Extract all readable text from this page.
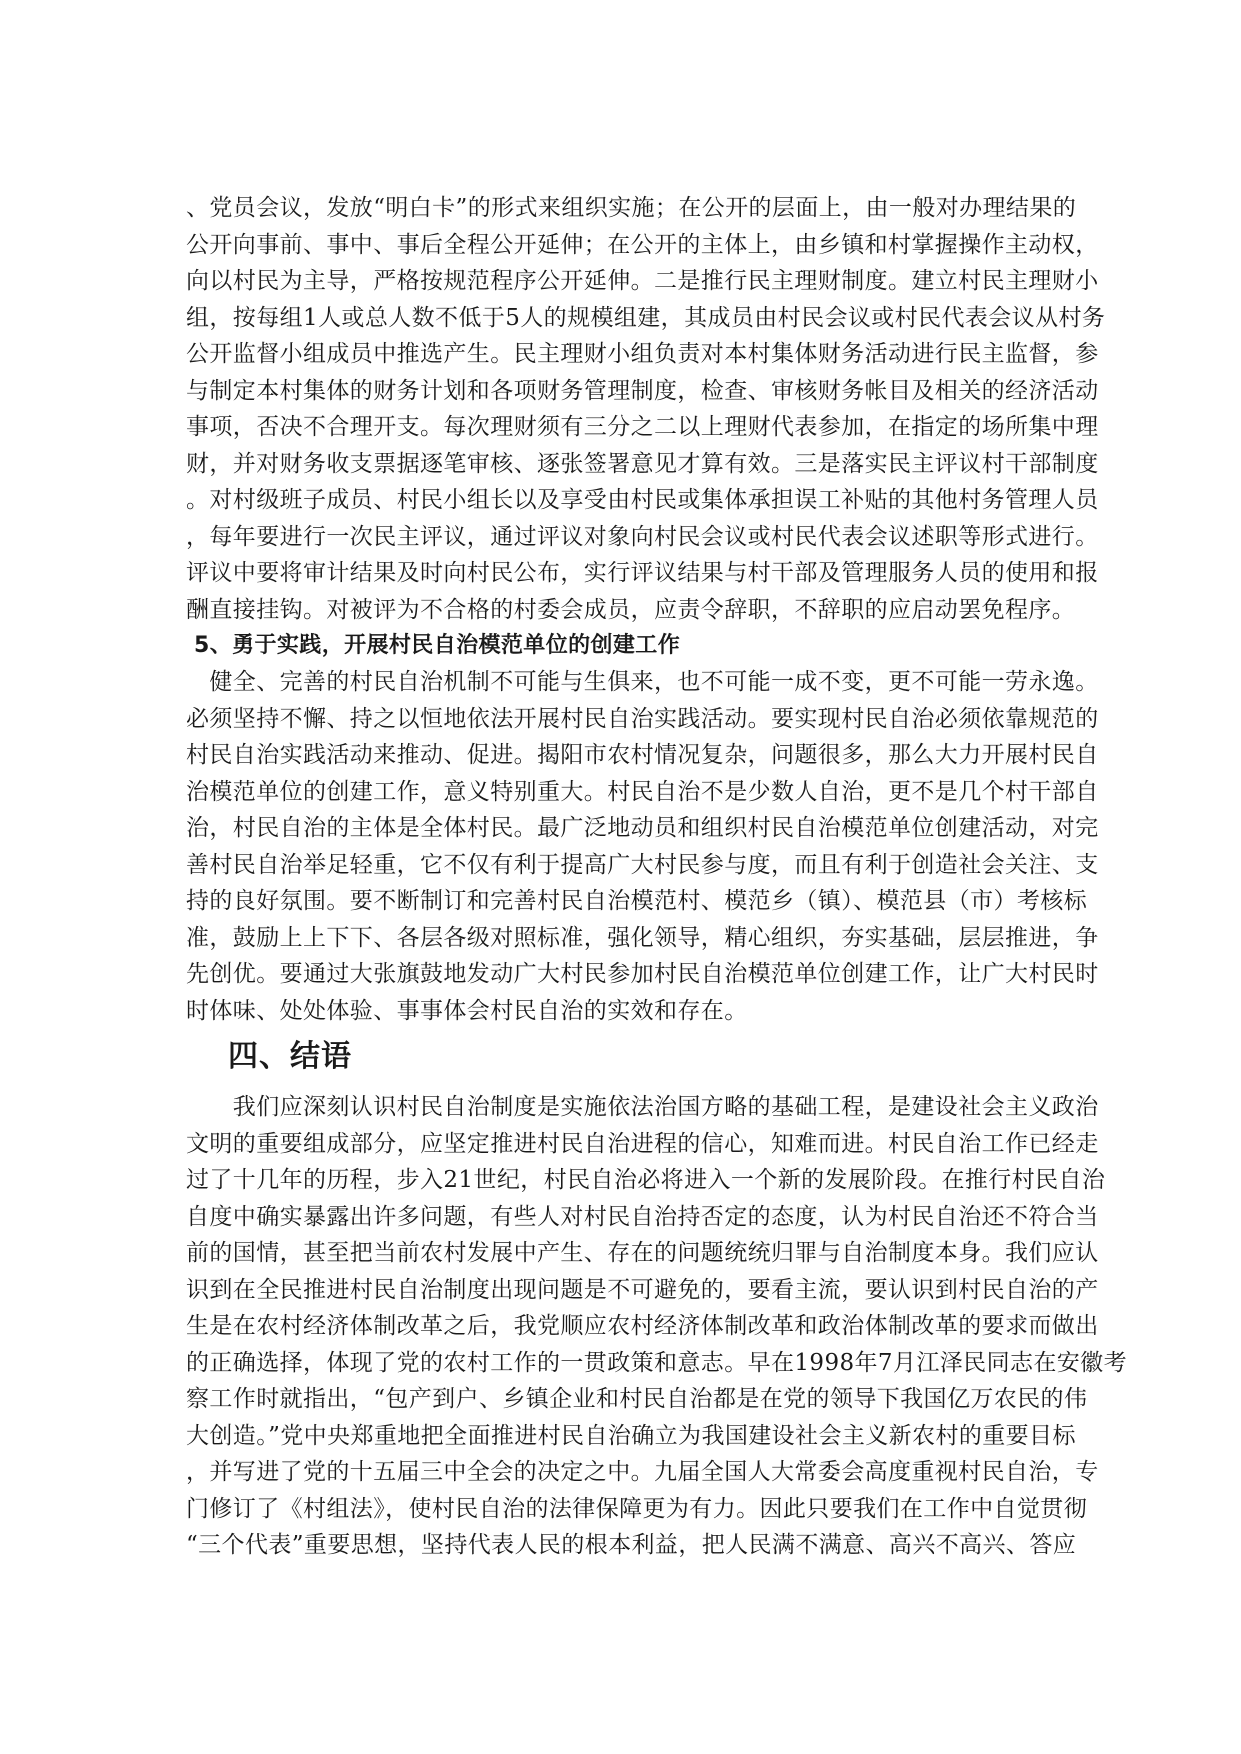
、党员会议，发放“明白卡”的形式来组织实施；在公开的层面上，由一般对办理结果的
公开向事前、事中、事后全程公开延伸；在公开的主体上，由乡镇和村掌握操作主动权，
向以村民为主导，严格按规范程序公开延伸。二是推行民主理财制度。建立村民主理财小
组，按每组1人或总人数不低于5人的规模组建，其成员由村民会议或村民代表会议从村务
公开监督小组成员中推选产生。民主理财小组负责对本村集体财务活动进行民主监督，参
与制定本村集体的财务计划和各项财务管理制度，检查、审核财务帐目及相关的经济活动
事项，否决不合理开支。每次理财须有三分之二以上理财代表参加，在指定的场所集中理
财，并对财务收支票据逐笔审核、逐张签署意见才算有效。三是落实民主评议村干部制度
。对村级班子成员、村民小组长以及享受由村民或集体承担误工补贴的其他村务管理人员
，每年要进行一次民主评议，通过评议对象向村民会议或村民代表会议述职等形式进行。
评议中要将审计结果及时向村民公布，实行评议结果与村干部及管理服务人员的使用和报
酬直接挂钩。对被评为不合格的村委会成员，应责令辞职，不辞职的应启动罢免程序。
5、勇于实践，开展村民自治模范单位的创建工作
　健全、完善的村民自治机制不可能与生俱来，也不可能一成不变，更不可能一劳永逸。
必须坚持不懈、持之以恒地依法开展村民自治实践活动。要实现村民自治必须依靠规范的
村民自治实践活动来推动、促进。揭阳市农村情况复杂，问题很多，那么大力开展村民自
治模范单位的创建工作，意义特别重大。村民自治不是少数人自治，更不是几个村干部自
治，村民自治的主体是全体村民。最广泛地动员和组织村民自治模范单位创建活动，对完
善村民自治举足轻重，它不仅有利于提高广大村民参与度，而且有利于创造社会关注、支
持的良好氛围。要不断制订和完善村民自治模范村、模范乡（镇）、模范县（市）考核标
准，鼓励上上下下、各层各级对照标准，强化领导，精心组织，夯实基础，层层推进，争
先创优。要通过大张旗鼓地发动广大村民参加村民自治模范单位创建工作，让广大村民时
时体味、处处体验、事事体会村民自治的实效和存在。
四、结语
　　我们应深刻认识村民自治制度是实施依法治国方略的基础工程，是建设社会主义政治
文明的重要组成部分，应坚定推进村民自治进程的信心，知难而进。村民自治工作已经走
过了十几年的历程，步入21世纪，村民自治必将进入一个新的发展阶段。在推行村民自治
自度中确实暴露出许多问题，有些人对村民自治持否定的态度，认为村民自治还不符合当
前的国情，甚至把当前农村发展中产生、存在的问题统统归罪与自治制度本身。我们应认
识到在全民推进村民自治制度出现问题是不可避免的，要看主流，要认识到村民自治的产
生是在农村经济体制改革之后，我党顺应农村经济体制改革和政治体制改革的要求而做出
的正确选择，体现了党的农村工作的一贯政策和意志。早在1998年7月江泽民同志在安徽考
察工作时就指出，“包产到户、乡镇企业和村民自治都是在党的领导下我国亿万农民的伟
大创造。”党中央郑重地把全面推进村民自治确立为我国建设社会主义新农村的重要目标
，并写进了党的十五届三中全会的决定之中。九届全国人大常委会高度重视村民自治，专
门修订了《村组法》，使村民自治的法律保障更为有力。因此只要我们在工作中自觉贯彻
“三个代表”重要思想，坚持代表人民的根本利益，把人民满不满意、高兴不高兴、答应
